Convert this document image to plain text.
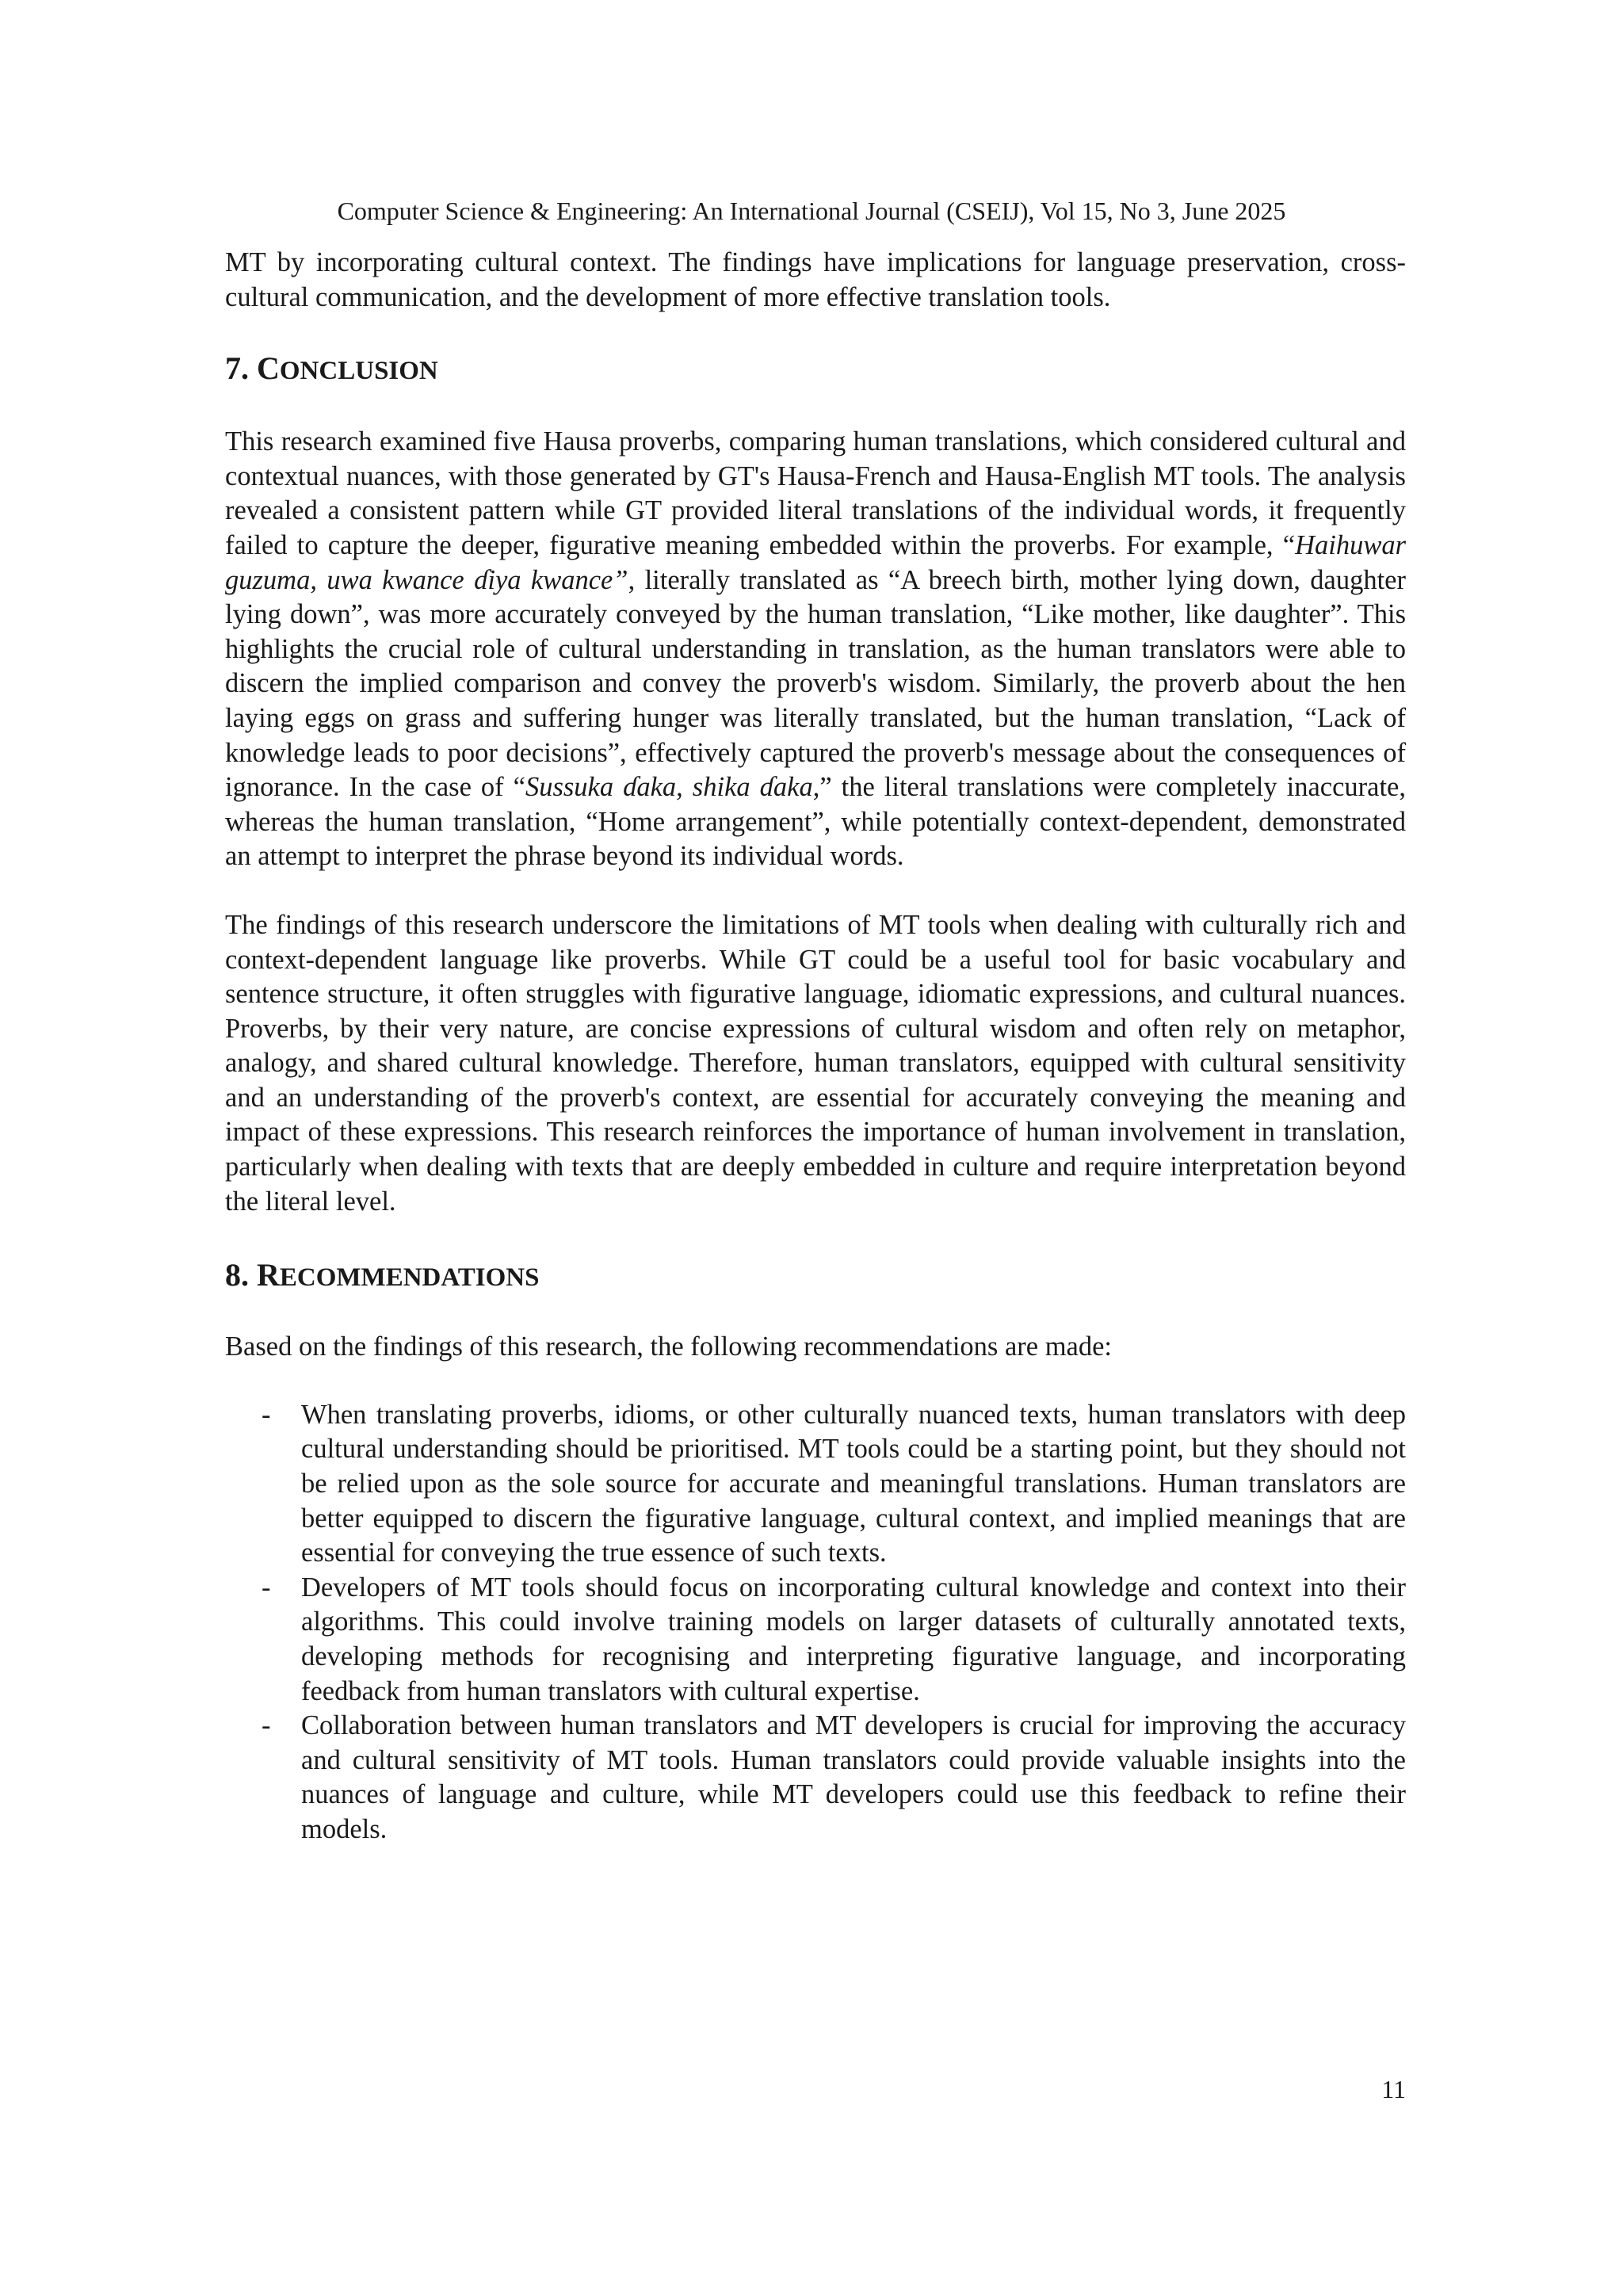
Computer Science & Engineering: An International Journal (CSEIJ), Vol 15, No 3, June 2025

MT by incorporating cultural context. The findings have implications for language preservation, cross-cultural communication, and the development of more effective translation tools.

7. CONCLUSION

This research examined five Hausa proverbs, comparing human translations, which considered cultural and contextual nuances, with those generated by GT's Hausa-French and Hausa-English MT tools. The analysis revealed a consistent pattern while GT provided literal translations of the individual words, it frequently failed to capture the deeper, figurative meaning embedded within the proverbs. For example, “Haihuwar guzuma, uwa kwance ɗiya kwance”, literally translated as “A breech birth, mother lying down, daughter lying down”, was more accurately conveyed by the human translation, “Like mother, like daughter”. This highlights the crucial role of cultural understanding in translation, as the human translators were able to discern the implied comparison and convey the proverb's wisdom. Similarly, the proverb about the hen laying eggs on grass and suffering hunger was literally translated, but the human translation, “Lack of knowledge leads to poor decisions”, effectively captured the proverb's message about the consequences of ignorance. In the case of “Sussuka ɗaka, shika ɗaka,” the literal translations were completely inaccurate, whereas the human translation, “Home arrangement”, while potentially context-dependent, demonstrated an attempt to interpret the phrase beyond its individual words.

The findings of this research underscore the limitations of MT tools when dealing with culturally rich and context-dependent language like proverbs. While GT could be a useful tool for basic vocabulary and sentence structure, it often struggles with figurative language, idiomatic expressions, and cultural nuances. Proverbs, by their very nature, are concise expressions of cultural wisdom and often rely on metaphor, analogy, and shared cultural knowledge. Therefore, human translators, equipped with cultural sensitivity and an understanding of the proverb's context, are essential for accurately conveying the meaning and impact of these expressions. This research reinforces the importance of human involvement in translation, particularly when dealing with texts that are deeply embedded in culture and require interpretation beyond the literal level.

8. RECOMMENDATIONS

Based on the findings of this research, the following recommendations are made:

- When translating proverbs, idioms, or other culturally nuanced texts, human translators with deep cultural understanding should be prioritised. MT tools could be a starting point, but they should not be relied upon as the sole source for accurate and meaningful translations. Human translators are better equipped to discern the figurative language, cultural context, and implied meanings that are essential for conveying the true essence of such texts.
- Developers of MT tools should focus on incorporating cultural knowledge and context into their algorithms. This could involve training models on larger datasets of culturally annotated texts, developing methods for recognising and interpreting figurative language, and incorporating feedback from human translators with cultural expertise.
- Collaboration between human translators and MT developers is crucial for improving the accuracy and cultural sensitivity of MT tools. Human translators could provide valuable insights into the nuances of language and culture, while MT developers could use this feedback to refine their models.
11
